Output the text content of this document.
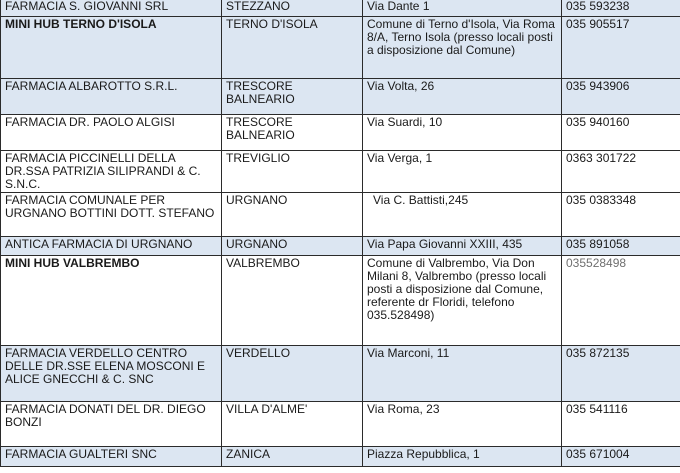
FARMACIA S. GIOVANNI SRL	STEZZANO	Via Dante 1	035 593238
MINI HUB TERNO D'ISOLA	TERNO D'ISOLA	Comune di Terno d'Isola, Via Roma 8/A, Terno Isola (presso locali posti a disposizione dal Comune)	035 905517
FARMACIA ALBAROTTO S.R.L.	TRESCORE BALNEARIO	Via Volta, 26	035 943906
FARMACIA DR. PAOLO ALGISI	TRESCORE BALNEARIO	Via Suardi, 10	035 940160
FARMACIA PICCINELLI DELLA DR.SSA PATRIZIA SILIPRANDI & C. S.N.C.	TREVIGLIO	Via Verga, 1	0363 301722
FARMACIA COMUNALE PER URGNANO BOTTINI DOTT. STEFANO	URGNANO	Via C. Battisti,245	035 0383348
ANTICA FARMACIA DI URGNANO	URGNANO	Via Papa Giovanni XXIII, 435	035 891058
MINI HUB VALBREMBO	VALBREMBO	Comune di Valbrembo, Via Don Milani 8, Valbrembo (presso locali posti a disposizione dal Comune, referente dr Floridi, telefono 035.528498)	035528498
FARMACIA VERDELLO CENTRO DELLE DR.SSE ELENA MOSCONI E ALICE GNECCHI & C. SNC	VERDELLO	Via Marconi, 11	035 872135
FARMACIA DONATI DEL DR. DIEGO BONZI	VILLA D'ALME'	Via Roma, 23	035 541116
FARMACIA GUALTERI SNC	ZANICA	Piazza Repubblica, 1	035 671004
